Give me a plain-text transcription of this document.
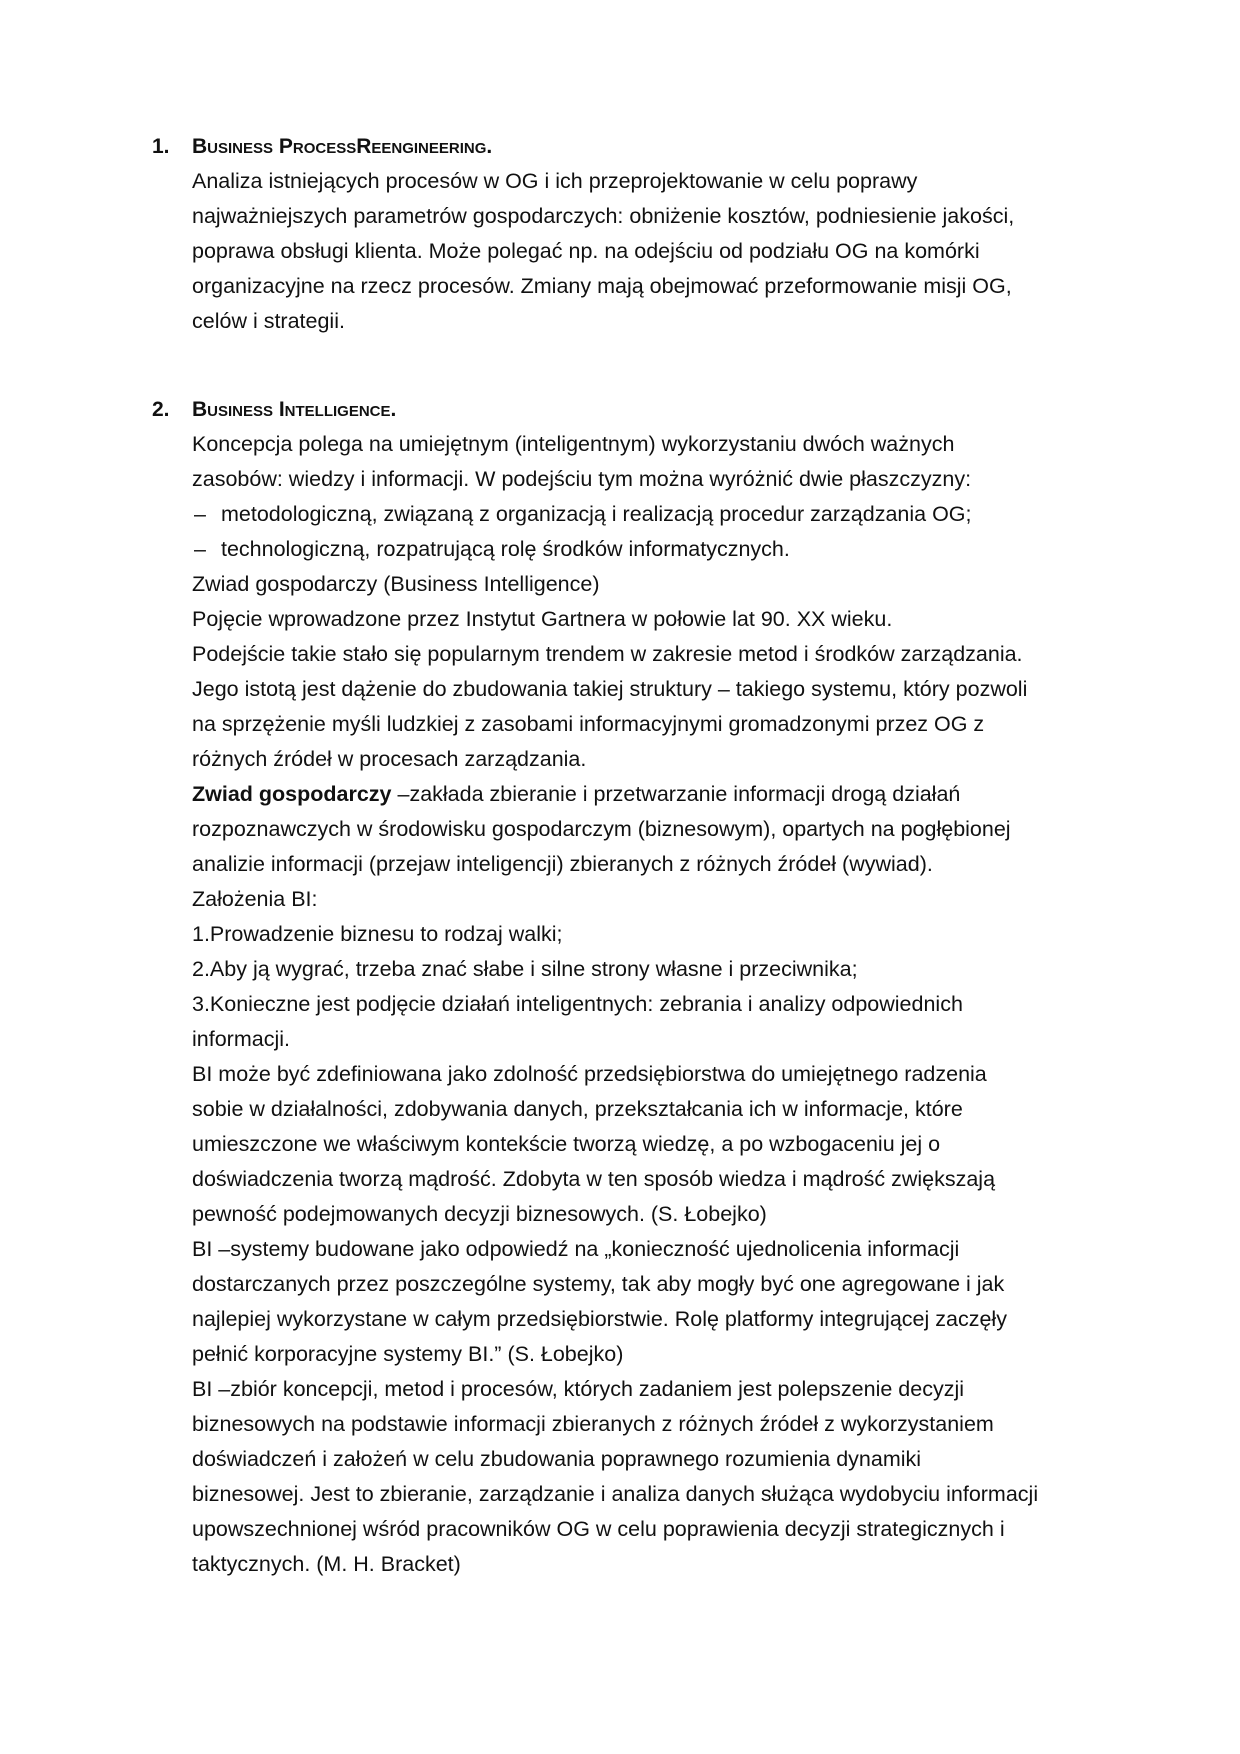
1. Business ProcessReengineering.
Analiza istniejących procesów w OG i ich przeprojektowanie w celu poprawy
najważniejszych parametrów gospodarczych: obniżenie kosztów, podniesienie jakości,
poprawa obsługi klienta. Może polegać np. na odejściu od podziału OG na komórki
organizacyjne na rzecz procesów. Zmiany mają obejmować przeformowanie misji OG,
celów i strategii.
2. Business Intelligence.
Koncepcja polega na umiejętnym (inteligentnym) wykorzystaniu dwóch ważnych
zasobów: wiedzy i informacji. W podejściu tym można wyróżnić dwie płaszczyzny:
– metodologiczną, związaną z organizacją i realizacją procedur zarządzania OG;
– technologiczną, rozpatrującą rolę środków informatycznych.
Zwiad gospodarczy (Business Intelligence)
Pojęcie wprowadzone przez Instytut Gartnera w połowie lat 90. XX wieku.
Podejście takie stało się popularnym trendem w zakresie metod i środków zarządzania.
Jego istotą jest dążenie do zbudowania takiej struktury – takiego systemu, który pozwoli
na sprzężenie myśli ludzkiej z zasobami informacyjnymi gromadzonymi przez OG z
różnych źródeł w procesach zarządzania.
Zwiad gospodarczy –zakłada zbieranie i przetwarzanie informacji drogą działań
rozpoznawczych w środowisku gospodarczym (biznesowym), opartych na pogłębionej
analizie informacji (przejaw inteligencji) zbieranych z różnych źródeł (wywiad).
Założenia BI:
1.Prowadzenie biznesu to rodzaj walki;
2.Aby ją wygrać, trzeba znać słabe i silne strony własne i przeciwnika;
3.Konieczne jest podjęcie działań inteligentnych: zebrania i analizy odpowiednich
informacji.
BI może być zdefiniowana jako zdolność przedsiębiorstwa do umiejętnego radzenia
sobie w działalności, zdobywania danych, przekształcania ich w informacje, które
umieszczone we właściwym kontekście tworzą wiedzę, a po wzbogaceniu jej o
doświadczenia tworzą mądrość. Zdobyta w ten sposób wiedza i mądrość zwiększają
pewność podejmowanych decyzji biznesowych. (S. Łobejko)
BI –systemy budowane jako odpowiedź na „konieczność ujednolicenia informacji
dostarczanych przez poszczególne systemy, tak aby mogły być one agregowane i jak
najlepiej wykorzystane w całym przedsiębiorstwie. Rolę platformy integrującej zaczęły
pełnić korporacyjne systemy BI.” (S. Łobejko)
BI –zbiór koncepcji, metod i procesów, których zadaniem jest polepszenie decyzji
biznesowych na podstawie informacji zbieranych z różnych źródeł z wykorzystaniem
doświadczeń i założeń w celu zbudowania poprawnego rozumienia dynamiki
biznesowej. Jest to zbieranie, zarządzanie i analiza danych służąca wydobyciu informacji
upowszechnionej wśród pracowników OG w celu poprawienia decyzji strategicznych i
taktycznych. (M. H. Bracket)
